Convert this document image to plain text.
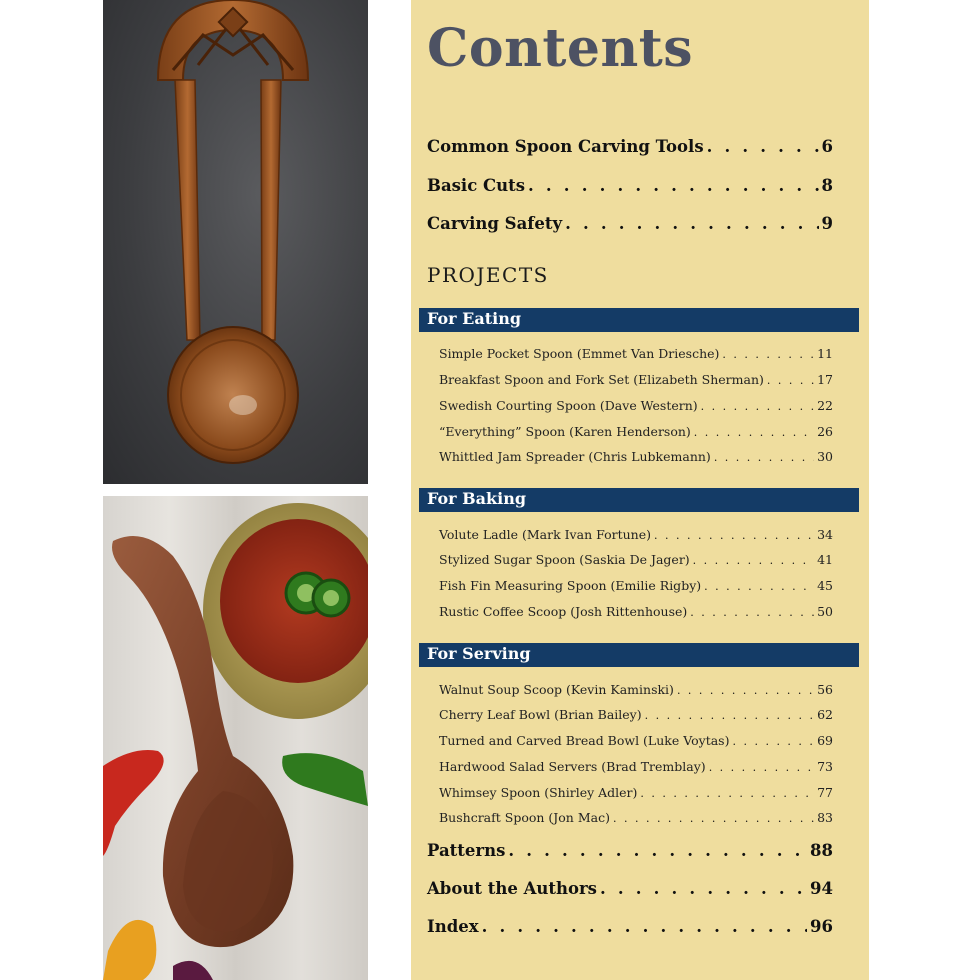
Contents
Common Spoon Carving Tools . . .	6
Basic Cuts . . .	8
Carving Safety . . .	9
PROJECTS
For Eating
Simple Pocket Spoon (Emmet Van Driesche) . . .	11
Breakfast Spoon and Fork Set (Elizabeth Sherman) . . .	17
Swedish Courting Spoon (Dave Western) . . .	22
“Everything” Spoon (Karen Henderson) . . .	26
Whittled Jam Spreader (Chris Lubkemann) . . .	30
For Baking
Volute Ladle (Mark Ivan Fortune) . . .	34
Stylized Sugar Spoon (Saskia De Jager) . . .	41
Fish Fin Measuring Spoon (Emilie Rigby) . . .	45
Rustic Coffee Scoop (Josh Rittenhouse) . . .	50
For Serving
Walnut Soup Scoop (Kevin Kaminski) . . .	56
Cherry Leaf Bowl (Brian Bailey) . . .	62
Turned and Carved Bread Bowl (Luke Voytas) . . .	69
Hardwood Salad Servers (Brad Tremblay) . . .	73
Whimsey Spoon (Shirley Adler) . . .	77
Bushcraft Spoon (Jon Mac) . . .	83
Patterns . . .	88
About the Authors . . .	94
Index . . .	96
